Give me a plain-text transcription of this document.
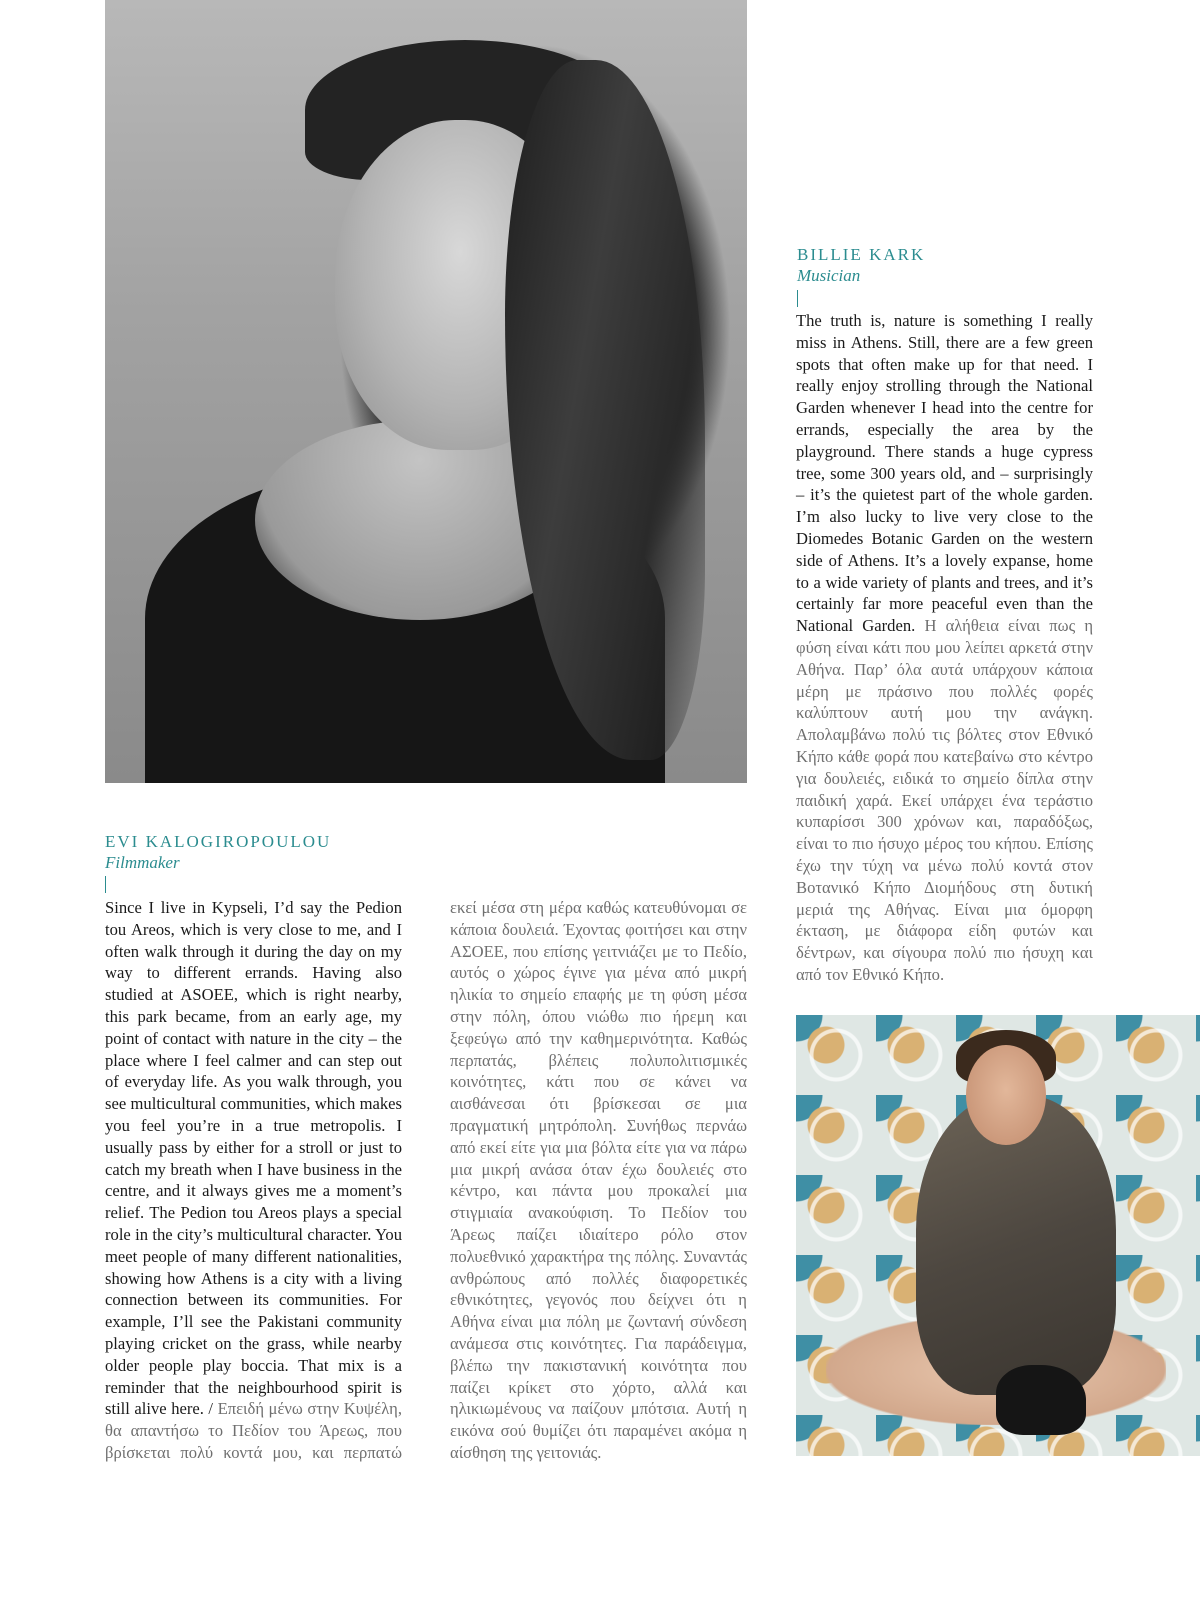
BILLIE KARK

Musician

The truth is, nature is something I really miss in Athens. Still, there are a few green spots that often make up for that need. I really enjoy strolling through the National Garden whenever I head into the centre for errands, especially the area by the playground. There stands a huge cypress tree, some 300 years old, and – surprisingly – it’s the quietest part of the whole garden. I’m also lucky to live very close to the Diomedes Botanic Garden on the western side of Athens. It’s a lovely expanse, home to a wide variety of plants and trees, and it’s certainly far more peaceful even than the National Garden. Η αλήθεια είναι πως η φύση είναι κάτι που μου λείπει αρκετά στην Αθήνα. Παρ’ όλα αυτά υπάρχουν κάποια μέρη με πράσινο που πολλές φορές καλύπτουν αυτή μου την ανάγκη. Απολαμβάνω πολύ τις βόλτες στον Εθνικό Κήπο κάθε φορά που κατεβαίνω στο κέντρο για δουλειές, ειδικά το σημείο δίπλα στην παιδική χαρά. Εκεί υπάρχει ένα τεράστιο κυπαρίσσι 300 χρόνων και, παραδόξως, είναι το πιο ήσυχο μέρος του κήπου. Επίσης έχω την τύχη να μένω πολύ κοντά στον Βοτανικό Κήπο Διομήδους στη δυτική μεριά της Αθήνας. Είναι μια όμορφη έκταση, με διάφορα είδη φυτών και δέντρων, και σίγουρα πολύ πιο ήσυχη και από τον Εθνικό Κήπο.

EVI KALOGIROPOULOU

Filmmaker

Since I live in Kypseli, I’d say the Pedion tou Areos, which is very close to me, and I often walk through it during the day on my way to different errands. Having also studied at ASOEE, which is right nearby, this park became, from an early age, my point of contact with nature in the city – the place where I feel calmer and can step out of everyday life. As you walk through, you see multicultural communities, which makes you feel you’re in a true metropolis. I usually pass by either for a stroll or just to catch my breath when I have business in the centre, and it always gives me a moment’s relief. The Pedion tou Areos plays a special role in the city’s multicultural character. You meet people of many different nationalities, showing how Athens is a city with a living connection between its communities. For example, I’ll see the Pakistani community playing cricket on the grass, while nearby older people play boccia. That mix is a reminder that the neighbourhood spirit is still alive here. / Επειδή μένω στην Κυψέλη, θα απαντήσω το Πεδίον του Άρεως, που βρίσκεται πολύ κοντά μου, και περπατώ εκεί μέσα στη μέρα καθώς κατευθύνομαι σε κάποια δουλειά. Έχοντας φοιτήσει και στην ΑΣΟΕΕ, που επίσης γειτνιάζει με το Πεδίο, αυτός ο χώρος έγινε για μένα από μικρή ηλικία το σημείο επαφής με τη φύση μέσα στην πόλη, όπου νιώθω πιο ήρεμη και ξεφεύγω από την καθημερινότητα. Καθώς περπατάς, βλέπεις πολυπολιτισμικές κοινότητες, κάτι που σε κάνει να αισθάνεσαι ότι βρίσκεσαι σε μια πραγματική μητρόπολη. Συνήθως περνάω από εκεί είτε για μια βόλτα είτε για να πάρω μια μικρή ανάσα όταν έχω δουλειές στο κέντρο, και πάντα μου προκαλεί μια στιγμιαία ανακούφιση. Το Πεδίον του Άρεως παίζει ιδιαίτερο ρόλο στον πολυεθνικό χαρακτήρα της πόλης. Συναντάς ανθρώπους από πολλές διαφορετικές εθνικότητες, γεγονός που δείχνει ότι η Αθήνα είναι μια πόλη με ζωντανή σύνδεση ανάμεσα στις κοινότητες. Για παράδειγμα, βλέπω την πακιστανική κοινότητα που παίζει κρίκετ στο χόρτο, αλλά και ηλικιωμένους να παίζουν μπότσια. Αυτή η εικόνα σού θυμίζει ότι παραμένει ακόμα η αίσθηση της γειτονιάς.
